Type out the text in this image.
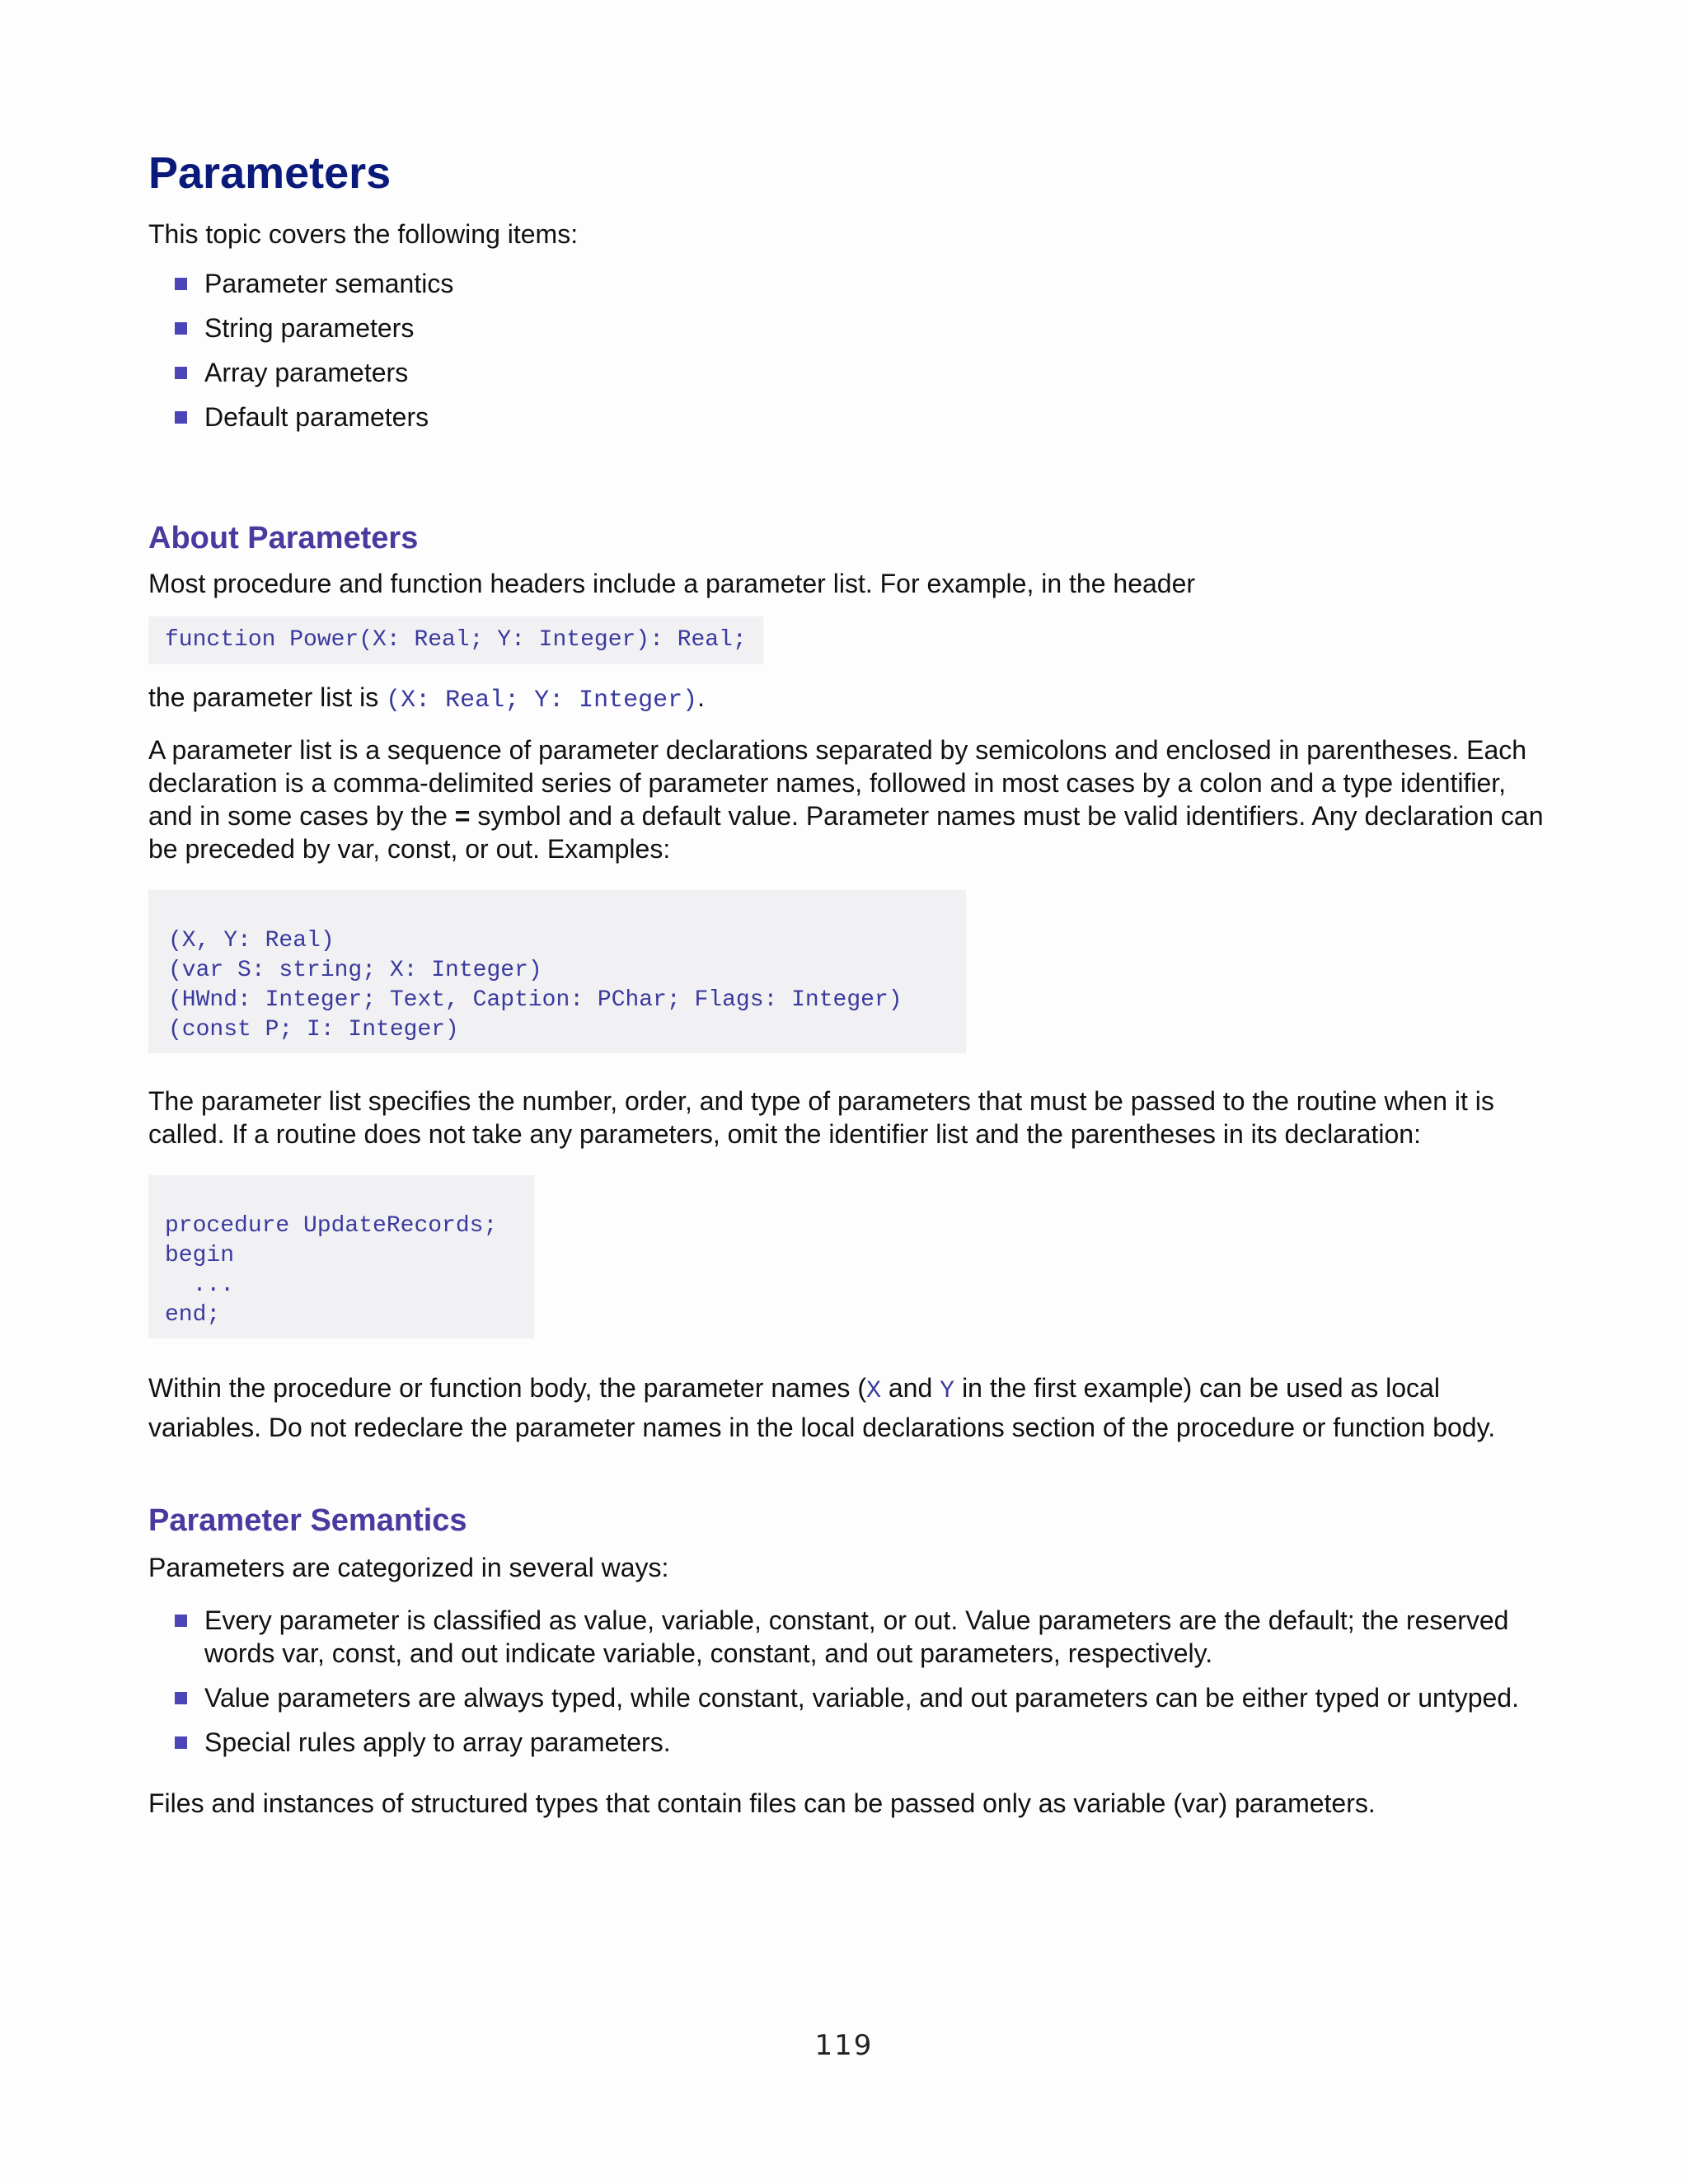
Parameters

This topic covers the following items:

Parameter semantics
String parameters
Array parameters
Default parameters
About Parameters

Most procedure and function headers include a parameter list. For example, in the header

function Power(X: Real; Y: Integer): Real;

the parameter list is (X: Real; Y: Integer).

A parameter list is a sequence of parameter declarations separated by semicolons and enclosed in parentheses. Each declaration is a comma-delimited series of parameter names, followed in most cases by a colon and a type identifier, and in some cases by the = symbol and a default value. Parameter names must be valid identifiers. Any declaration can be preceded by var, const, or out. Examples:

(X, Y: Real)
(var S: string; X: Integer)
(HWnd: Integer; Text, Caption: PChar; Flags: Integer)
(const P; I: Integer)

The parameter list specifies the number, order, and type of parameters that must be passed to the routine when it is called. If a routine does not take any parameters, omit the identifier list and the parentheses in its declaration:

procedure UpdateRecords;
begin
...
end;

Within the procedure or function body, the parameter names (X and Y in the first example) can be used as local variables. Do not redeclare the parameter names in the local declarations section of the procedure or function body.

Parameter Semantics

Parameters are categorized in several ways:

Every parameter is classified as value, variable, constant, or out. Value parameters are the default; the reserved words var, const, and out indicate variable, constant, and out parameters, respectively.
Value parameters are always typed, while constant, variable, and out parameters can be either typed or untyped.
Special rules apply to array parameters.

Files and instances of structured types that contain files can be passed only as variable (var) parameters.

119
